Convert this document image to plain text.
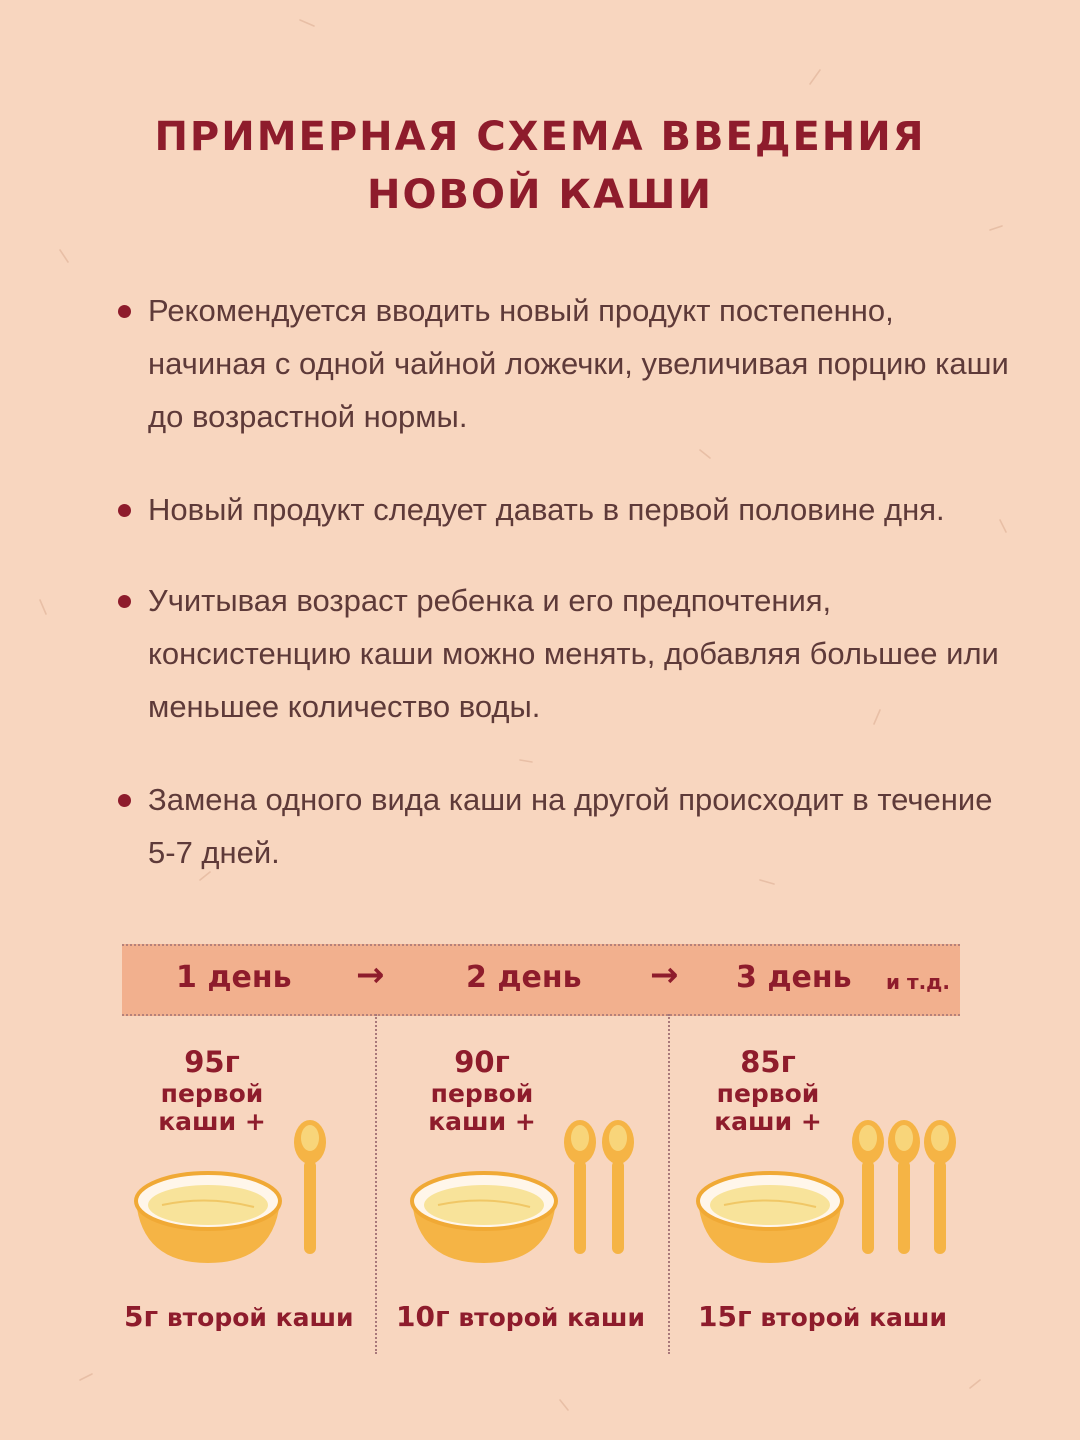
ПРИМЕРНАЯ СХЕМА ВВЕДЕНИЯ
НОВОЙ КАШИ
Рекомендуется вводить новый продукт постепенно, начиная с одной чайной ложечки, увеличивая порцию каши до возрастной нормы.
Новый продукт следует давать в первой половине дня.
Учитывая возраст ребенка и его предпочтения, консистенцию каши можно менять, добавляя большее или меньшее количество воды.
Замена одного вида каши на другой происходит в течение 5-7 дней.
1 день →	2 день → 3 день и т.д.
95г
первой
каши +
90г
первой
каши +
85г
первой
каши +
5г второй каши 10г второй каши 15г второй каши
